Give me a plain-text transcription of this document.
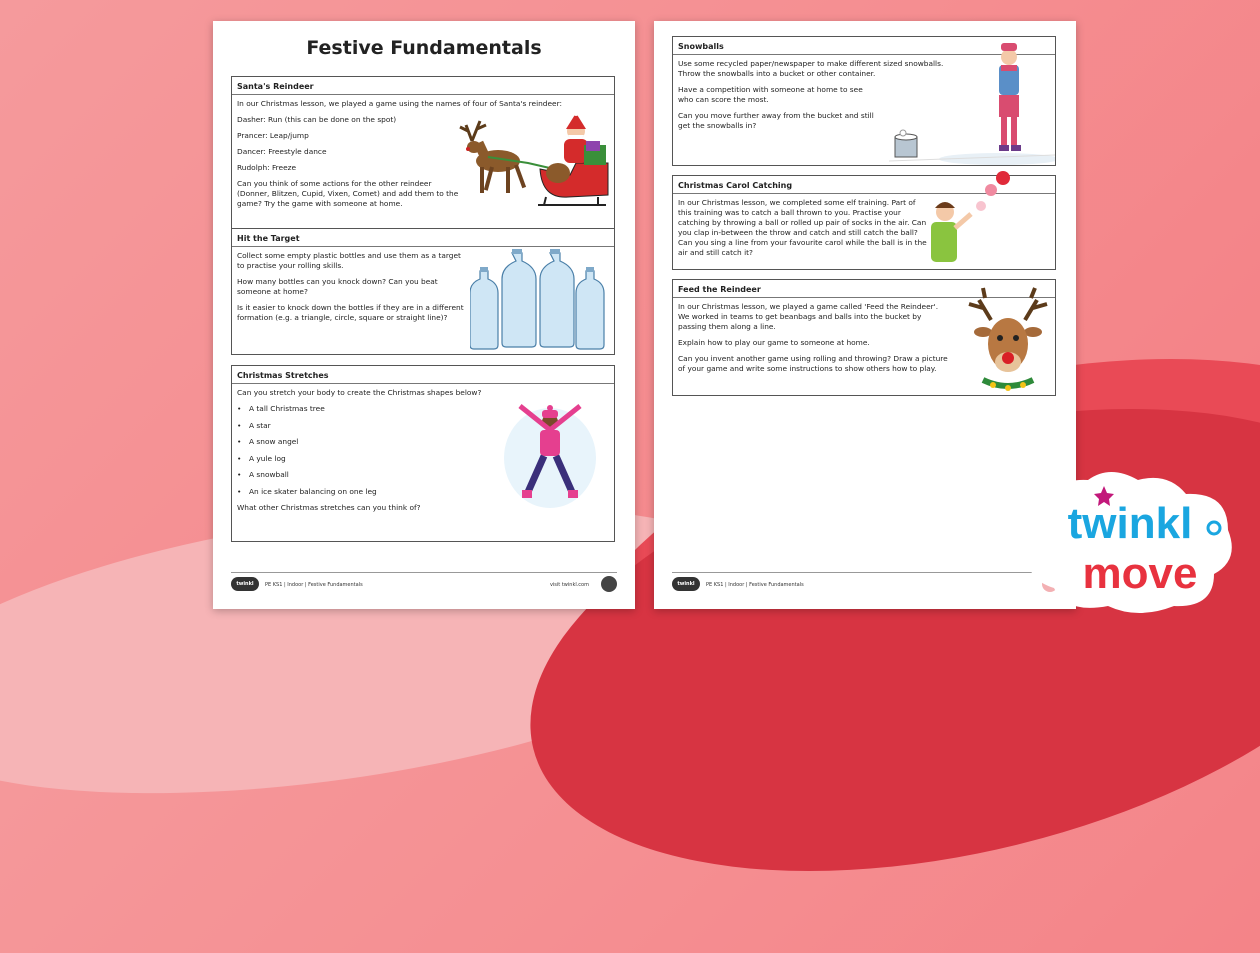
Festive Fundamentals
Santa's Reindeer

In our Christmas lesson, we played a game using the names of four of Santa's reindeer:

Dasher: Run (this can be done on the spot)

Prancer: Leap/jump

Dancer: Freestyle dance

Rudolph: Freeze

Can you think of some actions for the other reindeer (Donner, Blitzen, Cupid, Vixen, Comet) and add them to the game? Try the game with someone at home.

Hit the Target

Collect some empty plastic bottles and use them as a target to practise your rolling skills.

How many bottles can you knock down? Can you beat someone at home?

Is it easier to knock down the bottles if they are in a different formation (e.g. a triangle, circle, square or straight line)?

Christmas Stretches

Can you stretch your body to create the Christmas shapes below?

• A tall Christmas tree
• A star
• A snow angel
• A yule log
• A snowball
• An ice skater balancing on one leg

What other Christmas stretches can you think of?

twinkl move
PE KS1 | Indoor | Festive Fundamentals	visit twinkl.com
Snowballs

Use some recycled paper/newspaper to make different sized snowballs. Throw the snowballs into a bucket or other container.

Have a competition with someone at home to see who can score the most.

Can you move further away from the bucket and still get the snowballs in?

Christmas Carol Catching

In our Christmas lesson, we completed some elf training. Part of this training was to catch a ball thrown to you. Practise your catching by throwing a ball or rolled up pair of socks in the air. Can you clap in-between the throw and catch and still catch the ball? Can you sing a line from your favourite carol while the ball is in the air and still catch it?

Feed the Reindeer

In our Christmas lesson, we played a game called 'Feed the Reindeer'. We worked in teams to get beanbags and balls into the bucket by passing them along a line.

Explain how to play our game to someone at home.

Can you invent another game using rolling and throwing? Draw a picture of your game and write some instructions to show others how to play.

twinkl move
PE KS1 | Indoor | Festive Fundamentals
twinkl
move
